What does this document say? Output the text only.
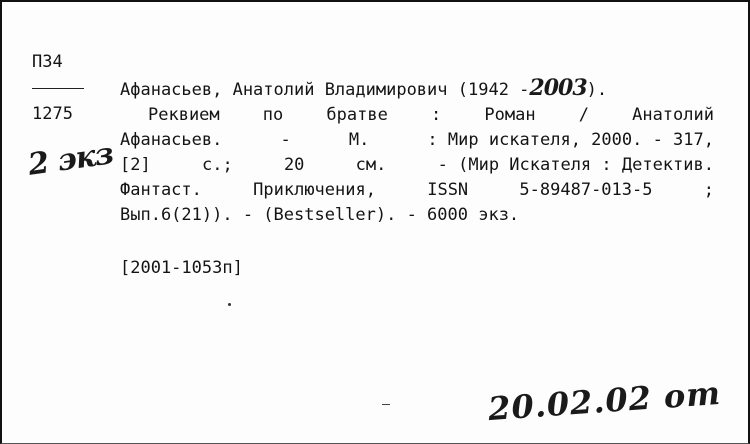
П34
1275
2 экз
Афанасьев, Анатолий Владимирович (1942 -2003).
Реквием	по	братве	:	Роман	/	Анатолий
Афанасьев.	-	М.	: Мир искателя, 2000. - 317,
[2]	с.;	20	см.	- (Мир Искателя : Детектив.
Фантаст.	Приключения,	ISSN	5-89487-013-5	;
Вып.6(21)). - (Bestseller). - 6000 экз.
[2001-1053п]
20.02.02 от
